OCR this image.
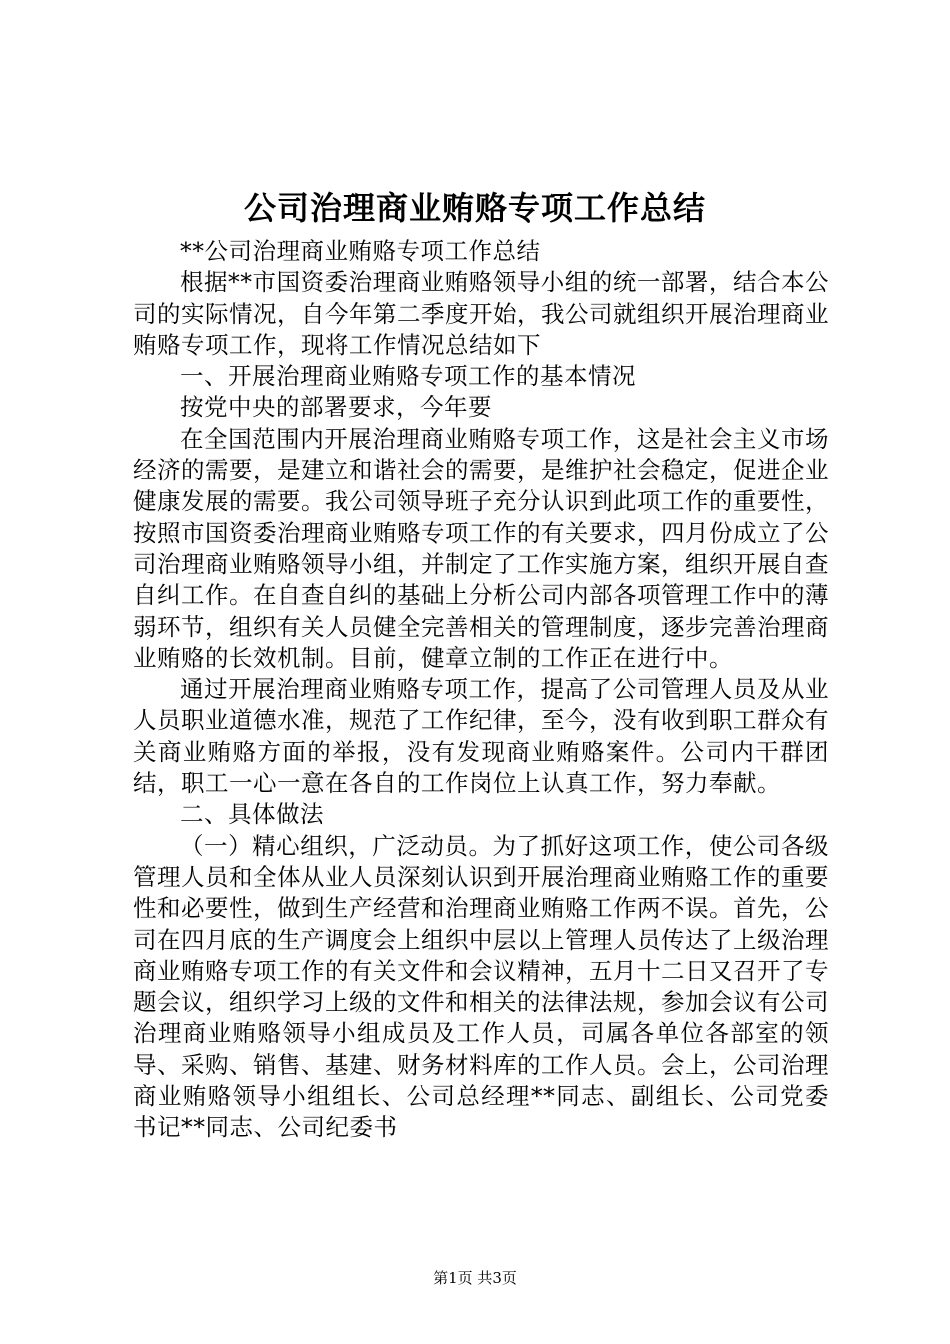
公司治理商业贿赂专项工作总结

**公司治理商业贿赂专项工作总结

根据**市国资委治理商业贿赂领导小组的统一部署，结合本公司的实际情况，自今年第二季度开始，我公司就组织开展治理商业贿赂专项工作，现将工作情况总结如下

一、开展治理商业贿赂专项工作的基本情况

按党中央的部署要求，今年要

在全国范围内开展治理商业贿赂专项工作，这是社会主义市场经济的需要，是建立和谐社会的需要，是维护社会稳定，促进企业健康发展的需要。我公司领导班子充分认识到此项工作的重要性，按照市国资委治理商业贿赂专项工作的有关要求，四月份成立了公司治理商业贿赂领导小组，并制定了工作实施方案，组织开展自查自纠工作。在自查自纠的基础上分析公司内部各项管理工作中的薄弱环节，组织有关人员健全完善相关的管理制度，逐步完善治理商业贿赂的长效机制。目前，健章立制的工作正在进行中。

通过开展治理商业贿赂专项工作，提高了公司管理人员及从业人员职业道德水准，规范了工作纪律，至今，没有收到职工群众有关商业贿赂方面的举报，没有发现商业贿赂案件。公司内干群团结，职工一心一意在各自的工作岗位上认真工作，努力奉献。

二、具体做法

（一）精心组织，广泛动员。为了抓好这项工作，使公司各级管理人员和全体从业人员深刻认识到开展治理商业贿赂工作的重要性和必要性，做到生产经营和治理商业贿赂工作两不误。首先，公司在四月底的生产调度会上组织中层以上管理人员传达了上级治理商业贿赂专项工作的有关文件和会议精神，五月十二日又召开了专题会议，组织学习上级的文件和相关的法律法规，参加会议有公司治理商业贿赂领导小组成员及工作人员，司属各单位各部室的领导、采购、销售、基建、财务材料库的工作人员。会上，公司治理商业贿赂领导小组组长、公司总经理**同志、副组长、公司党委书记**同志、公司纪委书

第1页 共3页
